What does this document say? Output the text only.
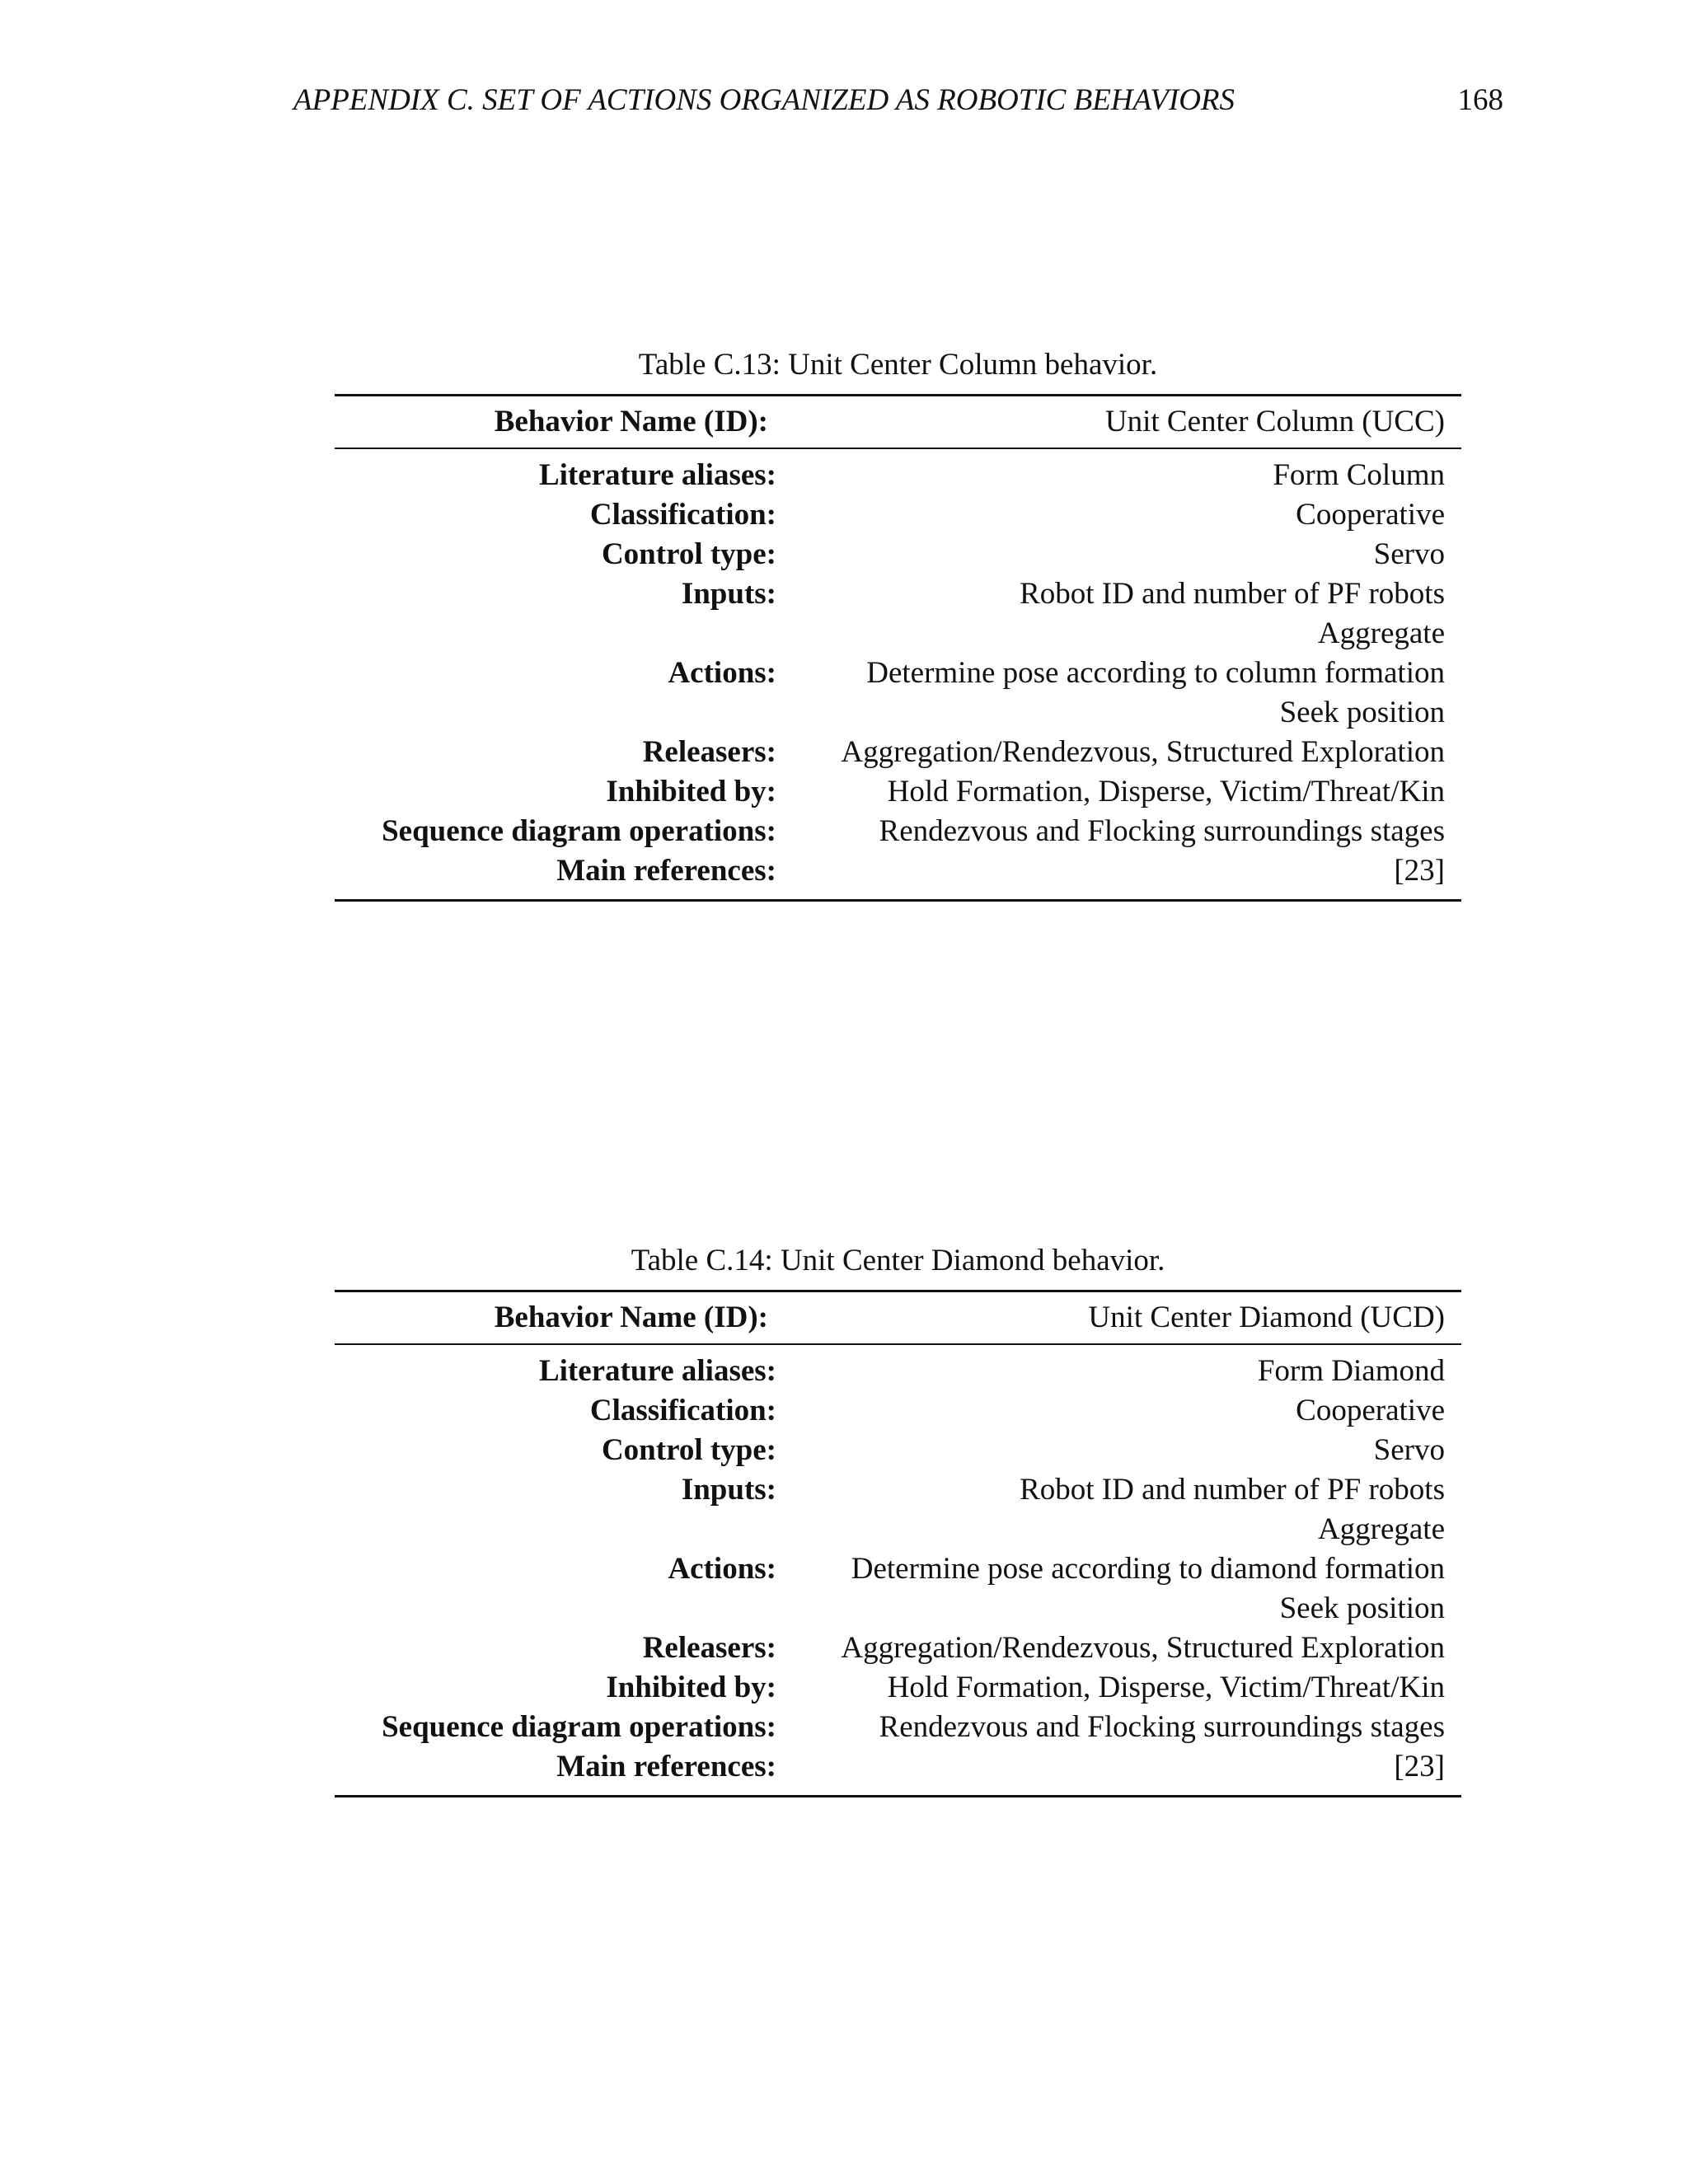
APPENDIX C. SET OF ACTIONS ORGANIZED AS ROBOTIC BEHAVIORS	168
Table C.13: Unit Center Column behavior.
Behavior Name (ID):	Unit Center Column (UCC)
Literature aliases:	Form Column
Classification:	Cooperative
Control type:	Servo
Inputs:	Robot ID and number of PF robots
Aggregate
Actions:	Determine pose according to column formation
Seek position
Releasers:	Aggregation/Rendezvous, Structured Exploration
Inhibited by:	Hold Formation, Disperse, Victim/Threat/Kin
Sequence diagram operations:	Rendezvous and Flocking surroundings stages
Main references:	[23]
Table C.14: Unit Center Diamond behavior.
Behavior Name (ID):	Unit Center Diamond (UCD)
Literature aliases:	Form Diamond
Classification:	Cooperative
Control type:	Servo
Inputs:	Robot ID and number of PF robots
Aggregate
Actions:	Determine pose according to diamond formation
Seek position
Releasers:	Aggregation/Rendezvous, Structured Exploration
Inhibited by:	Hold Formation, Disperse, Victim/Threat/Kin
Sequence diagram operations:	Rendezvous and Flocking surroundings stages
Main references:	[23]
